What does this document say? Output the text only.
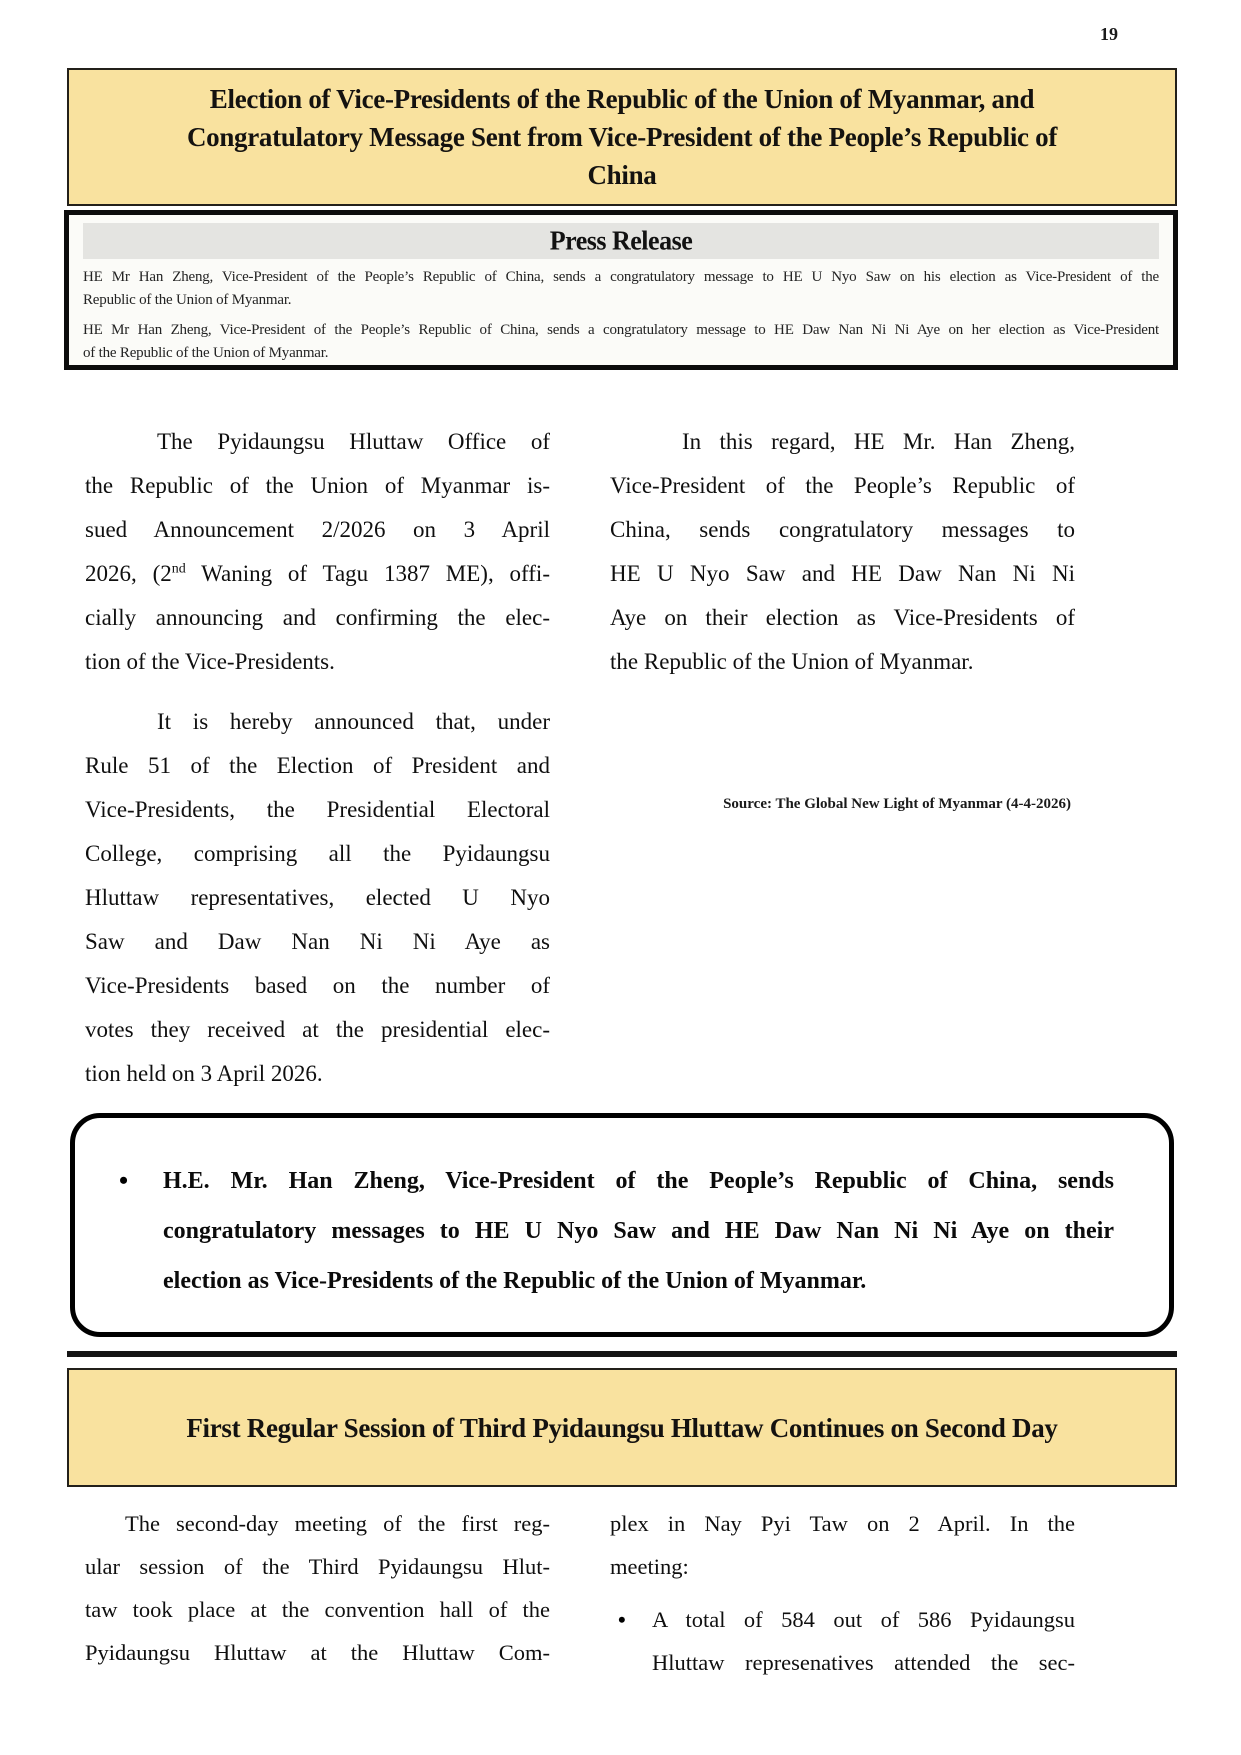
19
Election of Vice-Presidents of the Republic of the Union of Myanmar, and
Congratulatory Message Sent from Vice-President of the People’s Republic of
China
Press Release
HE Mr Han Zheng, Vice-President of the People’s Republic of China, sends a congratulatory message to HE U Nyo Saw on his election as Vice-President of the
Republic of the Union of Myanmar.
HE Mr Han Zheng, Vice-President of the People’s Republic of China, sends a congratulatory message to HE Daw Nan Ni Ni Aye on her election as Vice-President
of the Republic of the Union of Myanmar.
The Pyidaungsu Hluttaw Office of
the Republic of the Union of Myanmar is-
sued Announcement 2/2026 on 3 April
2026, (2nd Waning of Tagu 1387 ME), offi-
cially announcing and confirming the elec-
tion of the Vice-Presidents.
It is hereby announced that, under
Rule 51 of the Election of President and
Vice-Presidents, the Presidential Electoral
College, comprising all the Pyidaungsu
Hluttaw representatives, elected U Nyo
Saw and Daw Nan Ni Ni Aye as
Vice-Presidents based on the number of
votes they received at the presidential elec-
tion held on 3 April 2026.
In this regard, HE Mr. Han Zheng,
Vice-President of the People’s Republic of
China, sends congratulatory messages to
HE U Nyo Saw and HE Daw Nan Ni Ni
Aye on their election as Vice-Presidents of
the Republic of the Union of Myanmar.
Source: The Global New Light of Myanmar (4-4-2026)
•	H.E. Mr. Han Zheng, Vice-President of the People’s Republic of China, sends
congratulatory messages to HE U Nyo Saw and HE Daw Nan Ni Ni Aye on their
election as Vice-Presidents of the Republic of the Union of Myanmar.
First Regular Session of Third Pyidaungsu Hluttaw Continues on Second Day
The second-day meeting of the first reg-
ular session of the Third Pyidaungsu Hlut-
taw took place at the convention hall of the
Pyidaungsu Hluttaw at the Hluttaw Com-
plex in Nay Pyi Taw on 2 April. In the
meeting:
•	A total of 584 out of 586 Pyidaungsu
Hluttaw represenatives attended the sec-
